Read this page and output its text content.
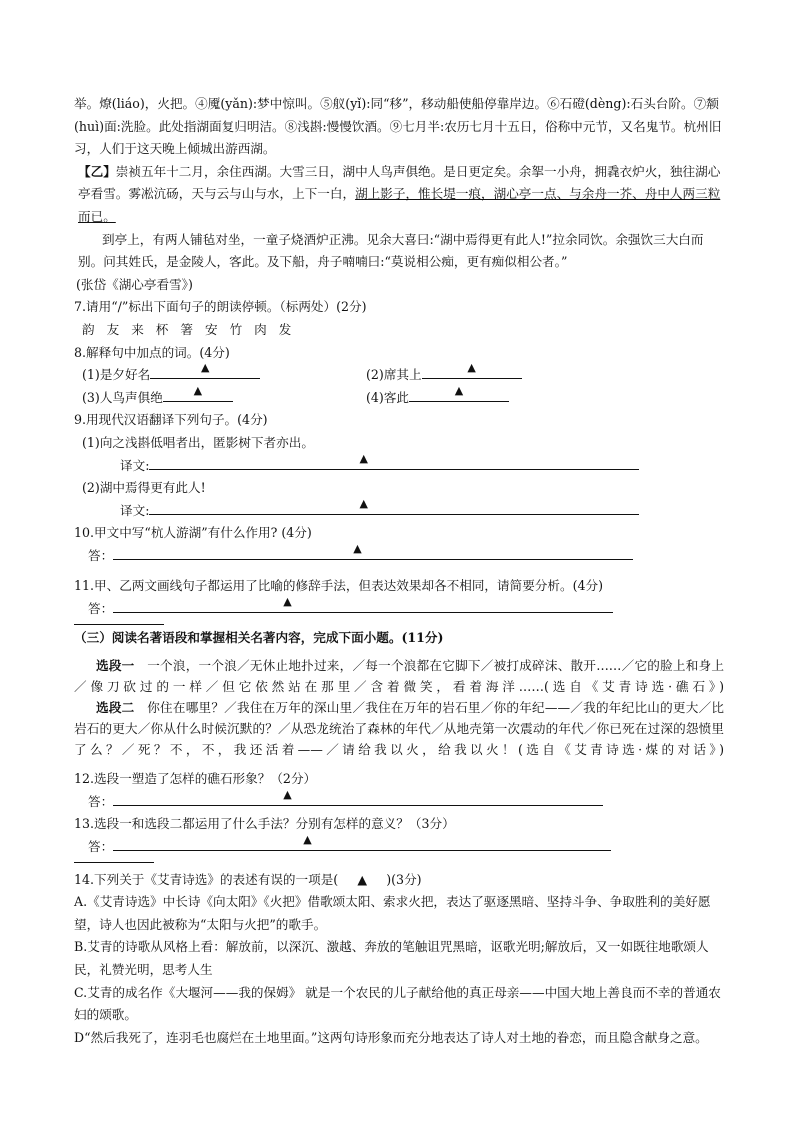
举。燎(liáo)，火把。④魇(yǎn):梦中惊叫。⑤舣(yǐ):同“移”，移动船使船停靠岸边。⑥石磴(dèng):石头台阶。⑦颒(huì)面:洗脸。此处指湖面复归明洁。⑧浅斟:慢慢饮酒。⑨七月半:农历七月十五日，俗称中元节，又名鬼节。杭州旧习，人们于这天晚上倾城出游西湖。

【乙】崇祯五年十二月，余住西湖。大雪三日，湖中人鸟声俱绝。是日更定矣。余挐一小舟，拥毳衣炉火，独往湖心亭看雪。雾凇沆砀，天与云与山与水，上下一白，湖上影子，惟长堤一痕，湖心亭一点、与余舟一芥、舟中人两三粒而已。

到亭上，有两人铺毡对坐，一童子烧酒炉正沸。见余大喜曰:“湖中焉得更有此人!”拉余同饮。余强饮三大白而别。问其姓氏，是金陵人，客此。及下船，舟子喃喃曰:“莫说相公痴，更有痴似相公者。”

(张岱《湖心亭看雪》)

7.请用“/”标出下面句子的朗读停顿。（标两处）(2分)

韵 友 来 杯 箸 安 竹 肉 发

8.解释句中加点的词。(4分)

(1)是夕好名	▲	(2)席其上	▲
(3)人鸟声俱绝	▲	(4)客此	▲

9.用现代汉语翻译下列句子。(4分)

(1)向之浅斟低唱者出，匿影树下者亦出。

译文:	▲

(2)湖中焉得更有此人!

译文:	▲

10.甲文中写“杭人游湖”有什么作用? (4分)

答：	▲

11.甲、乙两文画线句子都运用了比喻的修辞手法，但表达效果却各不相同，请简要分析。(4分)

答：	▲

（三）阅读名著语段和掌握相关名著内容，完成下面小题。(11分)

选段一 一个浪，一个浪／无休止地扑过来，／每一个浪都在它脚下／被打成碎沫、散开……／它的脸上和身上／像刀砍过的一样／但它依然站在那里／含着微笑，看着海洋……(选自《艾青诗选·礁石》)

选段二 你住在哪里？／我住在万年的深山里／我住在万年的岩石里／你的年纪——／我的年纪比山的更大／比岩石的更大／你从什么时候沉默的？／从恐龙统治了森林的年代／从地壳第一次震动的年代／你已死在过深的怨愤里了么？／死？不，不，我还活着——／请给我以火，给我以火！(选自《艾青诗选·煤的对话》)

12.选段一塑造了怎样的礁石形象？（2分）

答：	▲

13.选段一和选段二都运用了什么手法？分别有怎样的意义？（3分）

答：	▲

14.下列关于《艾青诗选》的表述有误的一项是( ▲ )(3分)

A.《艾青诗选》中长诗《向太阳》《火把》借歌颂太阳、索求火把，表达了驱逐黑暗、坚持斗争、争取胜利的美好愿望，诗人也因此被称为“太阳与火把”的歌手。

B.艾青的诗歌从风格上看：解放前，以深沉、激越、奔放的笔触诅咒黑暗，讴歌光明;解放后，又一如既往地歌颂人民，礼赞光明，思考人生

C.艾青的成名作《大堰河——我的保姆》 就是一个农民的儿子献给他的真正母亲——中国大地上善良而不幸的普通农妇的颂歌。

D“然后我死了，连羽毛也腐烂在土地里面。”这两句诗形象而充分地表达了诗人对土地的眷恋，而且隐含献身之意。
